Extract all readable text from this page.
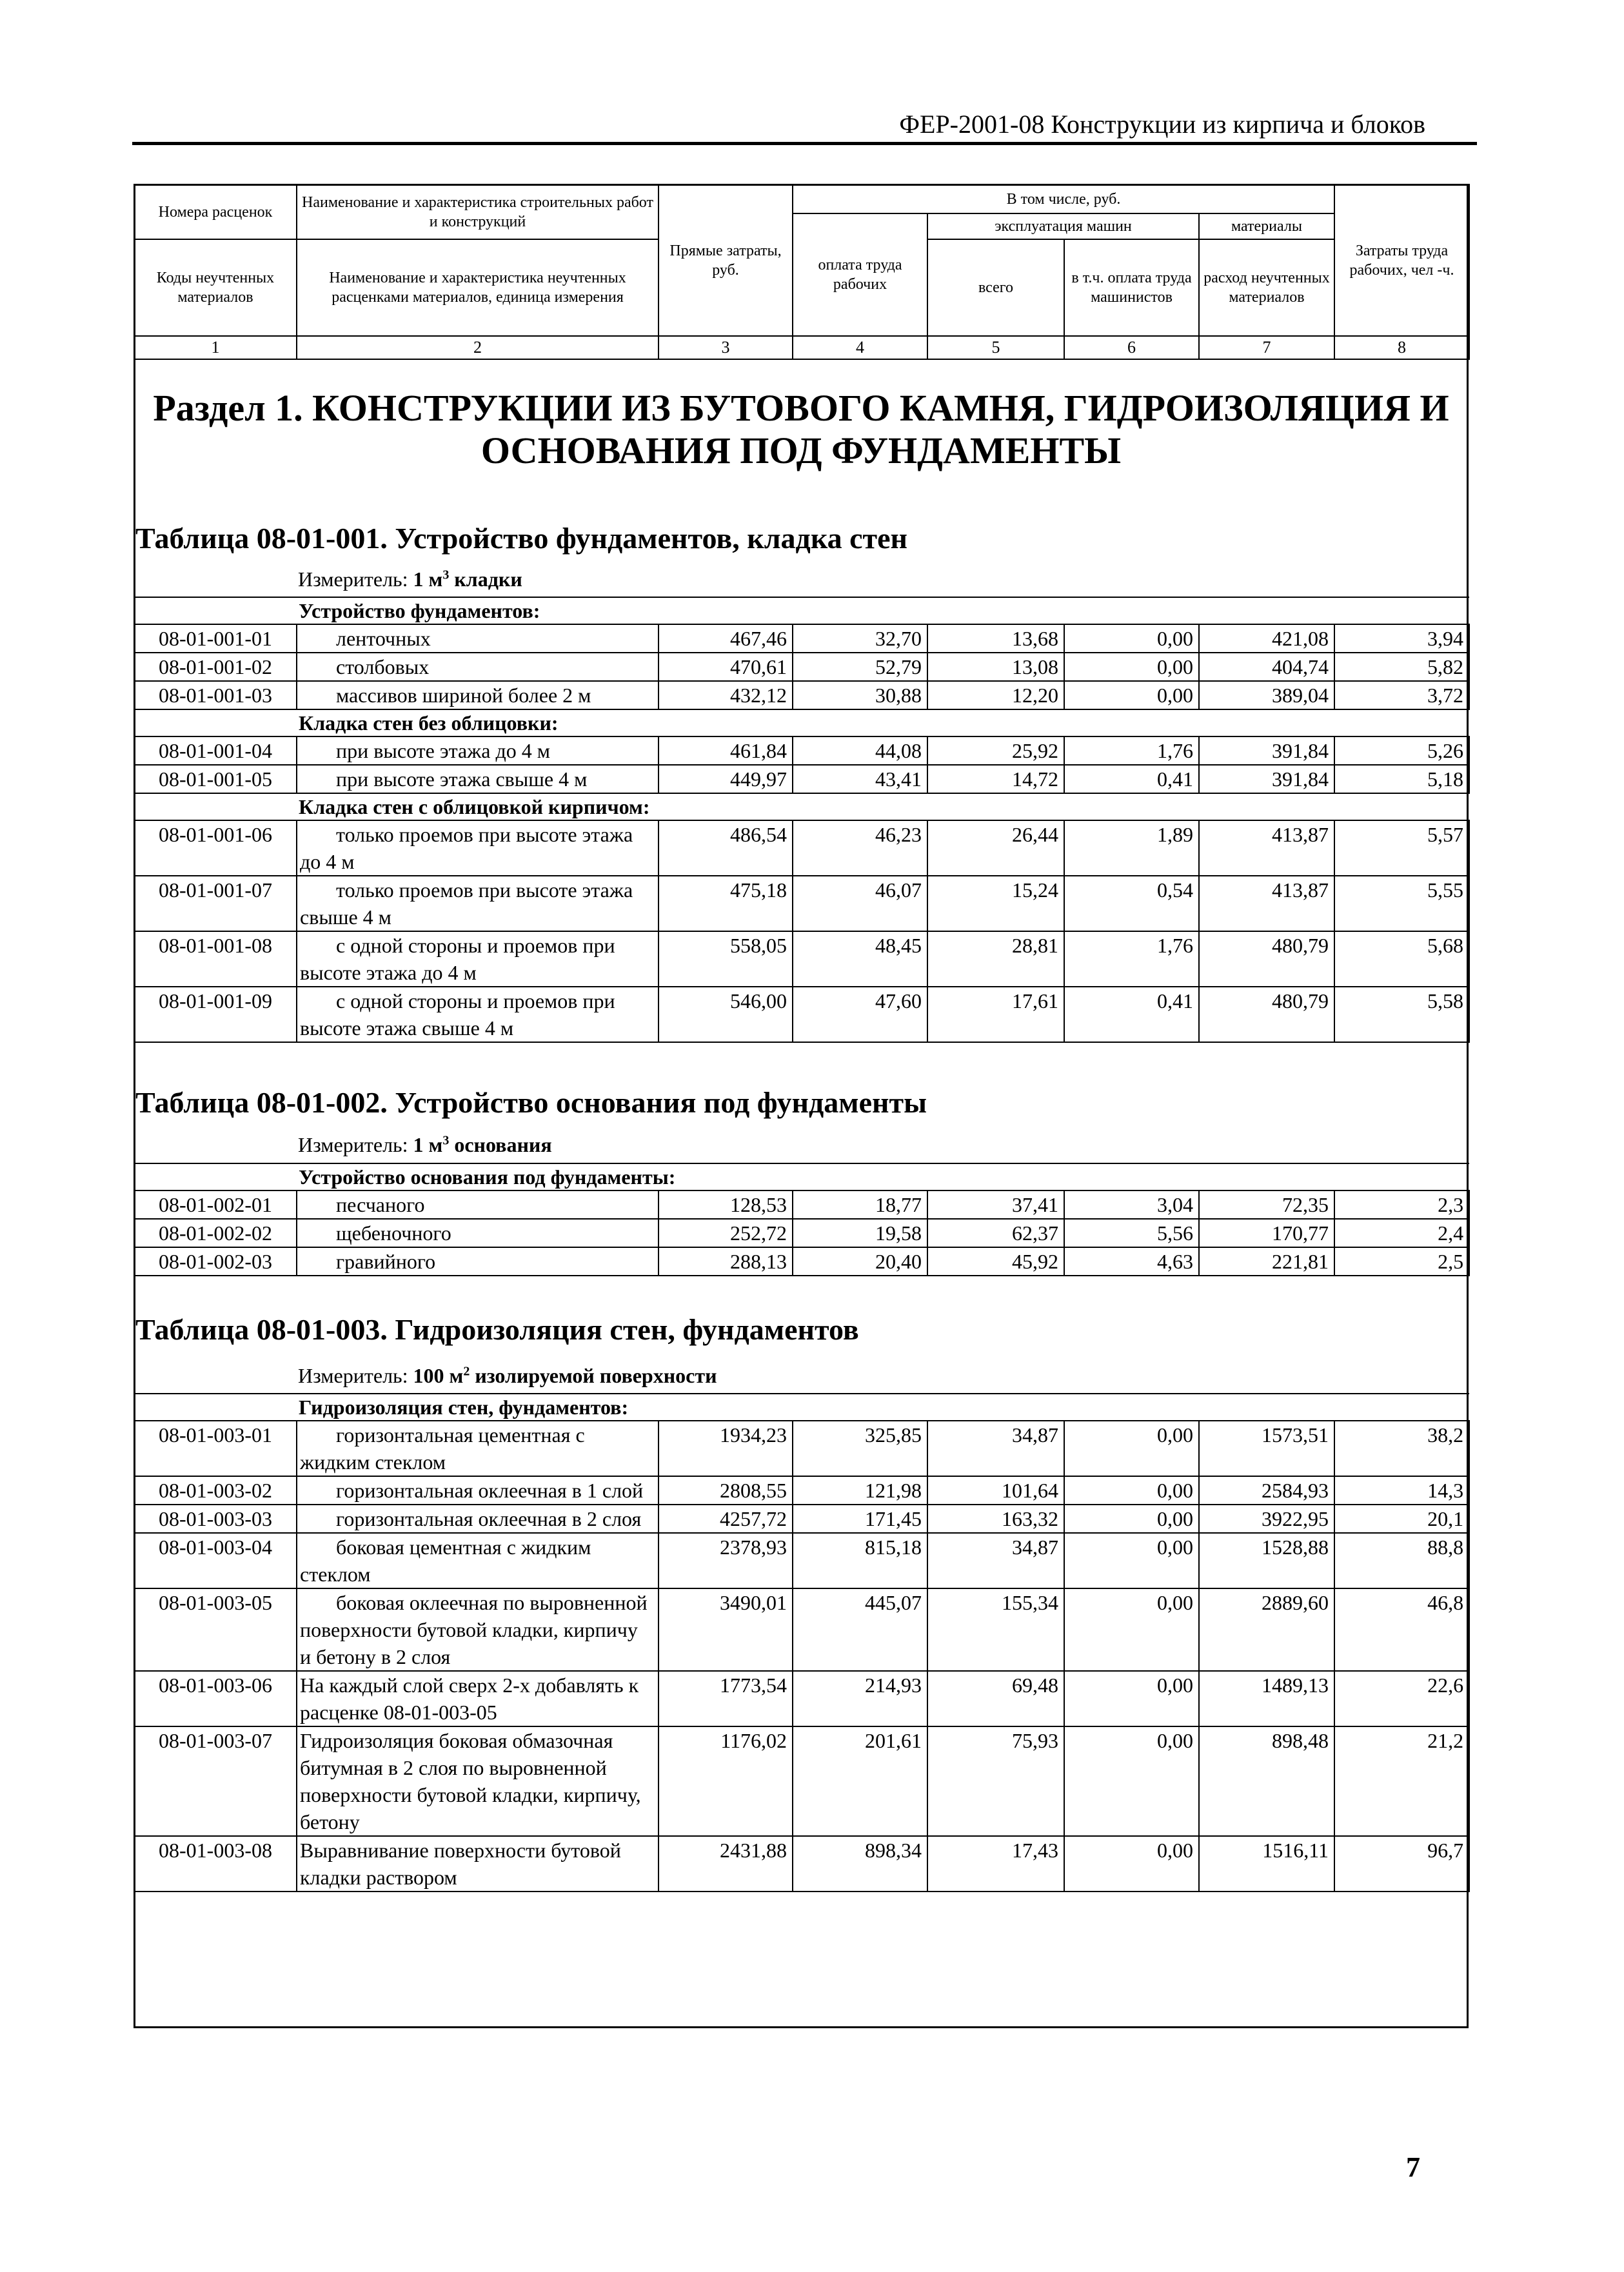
ФЕР-2001-08 Конструкции из кирпича и блоков
Номера расценок	Наименование и характеристика строительных работ и конструкций	Прямые затраты, руб.	В том числе, руб.				Затраты труда рабочих, чел -ч.
			оплата труда рабочих	эксплуатация машин		материалы	
Коды неучтенных материалов	Наименование и характеристика неучтенных расценками материалов, единица измерения			всего	в т.ч. оплата труда машинистов	расход неучтенных материалов	
1	2	3	4	5	6	7	8
Раздел 1. КОНСТРУКЦИИ ИЗ БУТОВОГО КАМНЯ, ГИДРОИЗОЛЯЦИЯ И ОСНОВАНИЯ ПОД ФУНДАМЕНТЫ
Таблица 08-01-001. Устройство фундаментов, кладка стен
Измеритель: 1 $м^3$ кладки
Устройство фундаментов:							
08-01-001-01	ленточных	467,46	32,70	13,68	0,00	421,08	3,94
08-01-001-02	столбовых	470,61	52,79	13,08	0,00	404,74	5,82
08-01-001-03	массивов шириной более 2 м	432,12	30,88	12,20	0,00	389,04	3,72
Кладка стен без облицовки:							
08-01-001-04	при высоте этажа до 4 м	461,84	44,08	25,92	1,76	391,84	5,26
08-01-001-05	при высоте этажа свыше 4 м	449,97	43,41	14,72	0,41	391,84	5,18
Кладка стен с облицовкой кирпичом:							
08-01-001-06	только проемов при высоте этажа до 4 м	486,54	46,23	26,44	1,89	413,87	5,57
08-01-001-07	только проемов при высоте этажа свыше 4 м	475,18	46,07	15,24	0,54	413,87	5,55
08-01-001-08	с одной стороны и проемов при высоте этажа до 4 м	558,05	48,45	28,81	1,76	480,79	5,68
08-01-001-09	с одной стороны и проемов при высоте этажа свыше 4 м	546,00	47,60	17,61	0,41	480,79	5,58
Таблица 08-01-002. Устройство основания под фундаменты
Измеритель: 1 $м^3$ основания
Устройство основания под фундаменты:							
08-01-002-01	песчаного	128,53	18,77	37,41	3,04	72,35	2,3
08-01-002-02	щебеночного	252,72	19,58	62,37	5,56	170,77	2,4
08-01-002-03	гравийного	288,13	20,40	45,92	4,63	221,81	2,5
Таблица 08-01-003. Гидроизоляция стен, фундаментов
Измеритель: 100 $м^2$ изолируемой поверхности
Гидроизоляция стен, фундаментов:							
08-01-003-01	горизонтальная цементная с жидким стеклом	1934,23	325,85	34,87	0,00	1573,51	38,2
08-01-003-02	горизонтальная оклеечная в 1 слой	2808,55	121,98	101,64	0,00	2584,93	14,3
08-01-003-03	горизонтальная оклеечная в 2 слоя	4257,72	171,45	163,32	0,00	3922,95	20,1
08-01-003-04	боковая цементная с жидким стеклом	2378,93	815,18	34,87	0,00	1528,88	88,8
08-01-003-05	боковая оклеечная по выровненной поверхности бутовой кладки, кирпичу и бетону в 2 слоя	3490,01	445,07	155,34	0,00	2889,60	46,8
08-01-003-06	На каждый слой сверх 2-х добавлять к расценке 08-01-003-05	1773,54	214,93	69,48	0,00	1489,13	22,6
08-01-003-07	Гидроизоляция боковая обмазочная битумная в 2 слоя по выровненной поверхности бутовой кладки, кирпичу, бетону	1176,02	201,61	75,93	0,00	898,48	21,2
08-01-003-08	Выравнивание поверхности бутовой кладки раствором	2431,88	898,34	17,43	0,00	1516,11	96,7
7
